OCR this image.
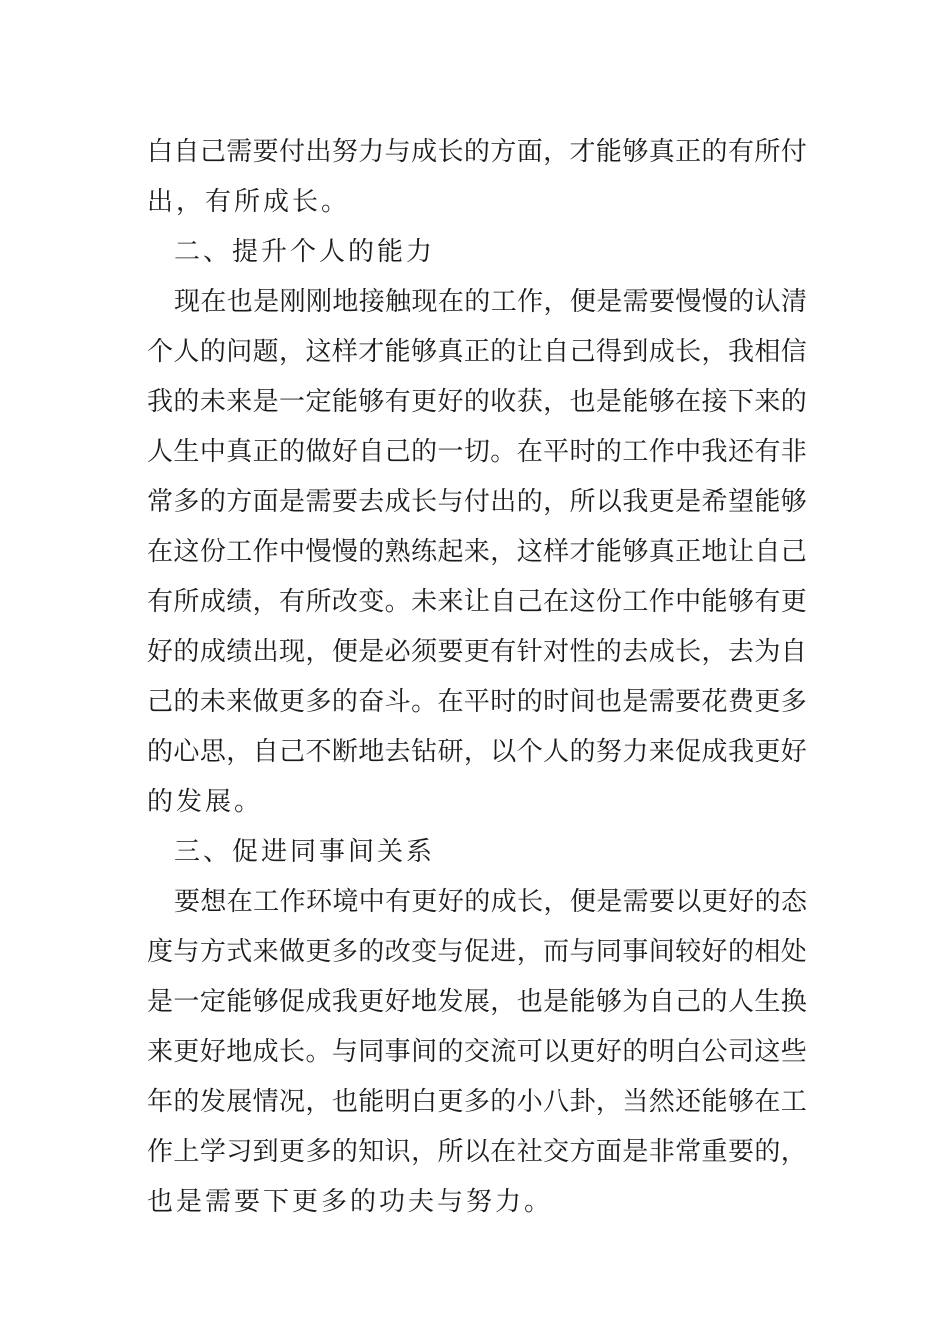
白 自 己 需 要 付 出 努 力 与 成 长 的 方 面 ， 才 能 够 真 正 的 有 所 付
出，有所成长。
二、提升个人的能力
现 在 也 是 刚 刚 地 接 触 现 在 的 工 作 ， 便 是 需 要 慢 慢 的 认 清
个 人 的 问 题 ， 这 样 才 能 够 真 正 的 让 自 己 得 到 成 长 ， 我 相 信
我 的 未 来 是 一 定 能 够 有 更 好 的 收 获 ， 也 是 能 够 在 接 下 来 的
人 生 中 真 正 的 做 好 自 己 的 一 切 。 在 平 时 的 工 作 中 我 还 有 非
常 多 的 方 面 是 需 要 去 成 长 与 付 出 的 ， 所 以 我 更 是 希 望 能 够
在 这 份 工 作 中 慢 慢 的 熟 练 起 来 ， 这 样 才 能 够 真 正 地 让 自 己
有 所 成 绩 ， 有 所 改 变 。 未 来 让 自 己 在 这 份 工 作 中 能 够 有 更
好 的 成 绩 出 现 ， 便 是 必 须 要 更 有 针 对 性 的 去 成 长 ， 去 为 自
己 的 未 来 做 更 多 的 奋 斗 。 在 平 时 的 时 间 也 是 需 要 花 费 更 多
的 心 思 ， 自 己 不 断 地 去 钻 研 ， 以 个 人 的 努 力 来 促 成 我 更 好
的发展。
三、促进同事间关系
要 想 在 工 作 环 境 中 有 更 好 的 成 长 ， 便 是 需 要 以 更 好 的 态
度 与 方 式 来 做 更 多 的 改 变 与 促 进 ， 而 与 同 事 间 较 好 的 相 处
是 一 定 能 够 促 成 我 更 好 地 发 展 ， 也 是 能 够 为 自 己 的 人 生 换
来 更 好 地 成 长 。 与 同 事 间 的 交 流 可 以 更 好 的 明 白 公 司 这 些
年 的 发 展 情 况 ， 也 能 明 白 更 多 的 小 八 卦 ， 当 然 还 能 够 在 工
作 上 学 习 到 更 多 的 知 识 ， 所 以 在 社 交 方 面 是 非 常 重 要 的 ，
也是需要下更多的功夫与努力。
